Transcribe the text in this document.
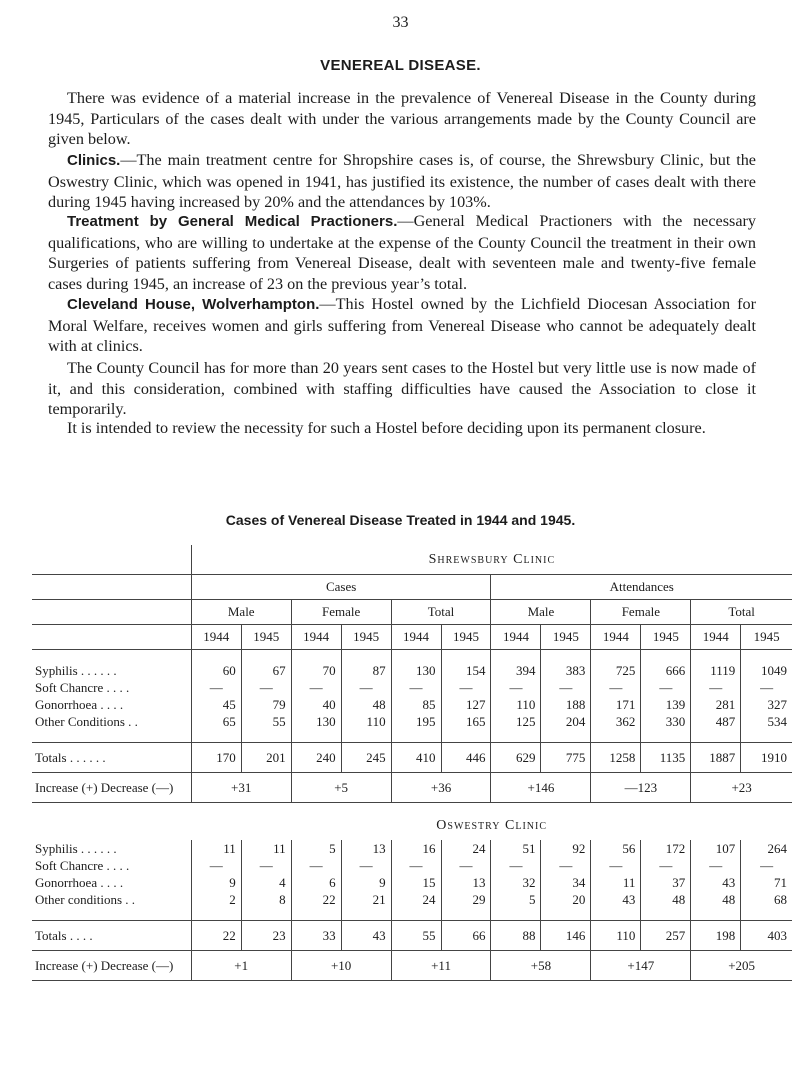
33
VENEREAL DISEASE.

There was evidence of a material increase in the prevalence of Venereal Disease in the County during 1945, Particulars of the cases dealt with under the various arrangements made by the County Council are given below.

Clinics.—The main treatment centre for Shropshire cases is, of course, the Shrewsbury Clinic, but the Oswestry Clinic, which was opened in 1941, has justified its existence, the number of cases dealt with there during 1945 having increased by 20% and the attendances by 103%.

Treatment by General Medical Practioners.—General Medical Practioners with the necessary qualifications, who are willing to undertake at the expense of the County Council the treatment in their own Surgeries of patients suffering from Venereal Disease, dealt with seventeen male and twenty-five female cases during 1945, an increase of 23 on the previous year’s total.

Cleveland House, Wolverhampton.—This Hostel owned by the Lichfield Diocesan Association for Moral Welfare, receives women and girls suffering from Venereal Disease who cannot be adequately dealt with at clinics.

The County Council has for more than 20 years sent cases to the Hostel but very little use is now made of it, and this consideration, combined with staffing difficulties have caused the Association to close it temporarily.

It is intended to review the necessity for such a Hostel before deciding upon its permanent closure.

Cases of Venereal Disease Treated in 1944 and 1945.
	Shrewsbury Clinic											
	Cases						Attendances					
	Male		Female		Total		Male		Female		Total	
	1944	1945	1944	1945	1944	1945	1944	1945	1944	1945	1944	1945

Syphilis . . . . . .	60	67	70	87	130	154	394	383	725	666	1119	1049
Soft Chancre . . . .	—	—	—	—	—	—	—	—	—	—	—	—
Gonorrhoea . . . .	45	79	40	48	85	127	110	188	171	139	281	327
Other Conditions . .	65	55	130	110	195	165	125	204	362	330	487	534

Totals . . . . . .	170	201	240	245	410	446	629	775	1258	1135	1887	1910
Increase (+) Decrease (—)	+31		+5		+36		+146		—123		+23	
	Oswestry Clinic											
Syphilis . . . . . .	11	11	5	13	16	24	51	92	56	172	107	264
Soft Chancre . . . .	—	—	—	—	—	—	—	—	—	—	—	—
Gonorrhoea . . . .	9	4	6	9	15	13	32	34	11	37	43	71
Other conditions . .	2	8	22	21	24	29	5	20	43	48	48	68

Totals . . . .	22	23	33	43	55	66	88	146	110	257	198	403
Increase (+) Decrease (—)	+1		+10		+11		+58		+147		+205	
